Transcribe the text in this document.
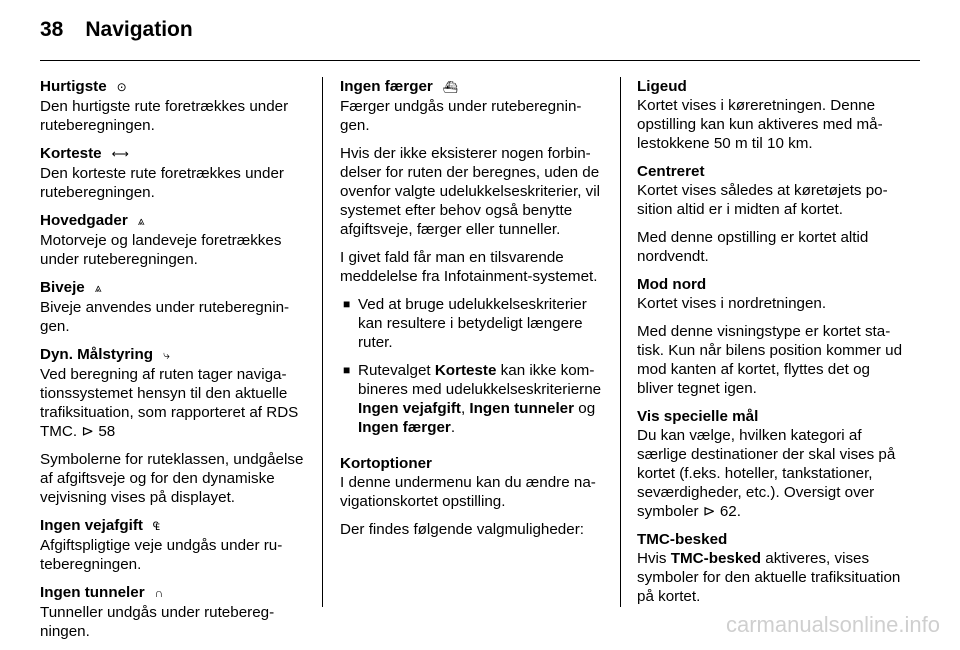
38 Navigation
Hurtigste ⊙
Den hurtigste rute foretrækkes under ruteberegningen.
Korteste ⟷
Den korteste rute foretrækkes under ruteberegningen.
Hovedgader ⩓
Motorveje og landeveje foretrækkes under ruteberegningen.
Biveje ⩓
Biveje anvendes under ruteberegningen.
Dyn. Målstyring ⤷
Ved beregning af ruten tager navigationssystemet hensyn til den aktuelle trafiksituation, som rapporteret af RDS TMC. ⊳ 58

Symbolerne for ruteklassen, undgåelse af afgiftsveje og for den dynamiske vejvisning vises på displayet.

Ingen vejafgift ₠
Afgiftspligtige veje undgås under ruteberegningen.
Ingen tunneler ∩
Tunneller undgås under ruteberegningen.
Ingen færger ⛴
Færger undgås under ruteberegningen.

Hvis der ikke eksisterer nogen forbindelser for ruten der beregnes, uden de ovenfor valgte udelukkelseskriterier, vil systemet efter behov også benytte afgiftsveje, færger eller tunneller.

I givet fald får man en tilsvarende meddelelse fra Infotainment-systemet.

■ Ved at bruge udelukkelseskriterier kan resultere i betydeligt længere ruter.
■ Rutevalget Korteste kan ikke kombineres med udelukkelseskriterierne Ingen vejafgift, Ingen tunneler og Ingen færger.
Kortoptioner
I denne undermenu kan du ændre navigationskortet opstilling.

Der findes følgende valgmuligheder:

Ligeud
Kortet vises i køreretningen. Denne opstilling kan kun aktiveres med målestokkene 50 m til 10 km.
Centreret
Kortet vises således at køretøjets position altid er i midten af kortet.

Med denne opstilling er kortet altid nordvendt.

Mod nord
Kortet vises i nordretningen.

Med denne visningstype er kortet statisk. Kun når bilens position kommer ud mod kanten af kortet, flyttes det og bliver tegnet igen.

Vis specielle mål
Du kan vælge, hvilken kategori af særlige destinationer der skal vises på kortet (f.eks. hoteller, tankstationer, seværdigheder, etc.). Oversigt over symboler ⊳ 62.
TMC-besked
Hvis TMC-besked aktiveres, vises symboler for den aktuelle trafiksituation på kortet.
carmanualsonline.info
